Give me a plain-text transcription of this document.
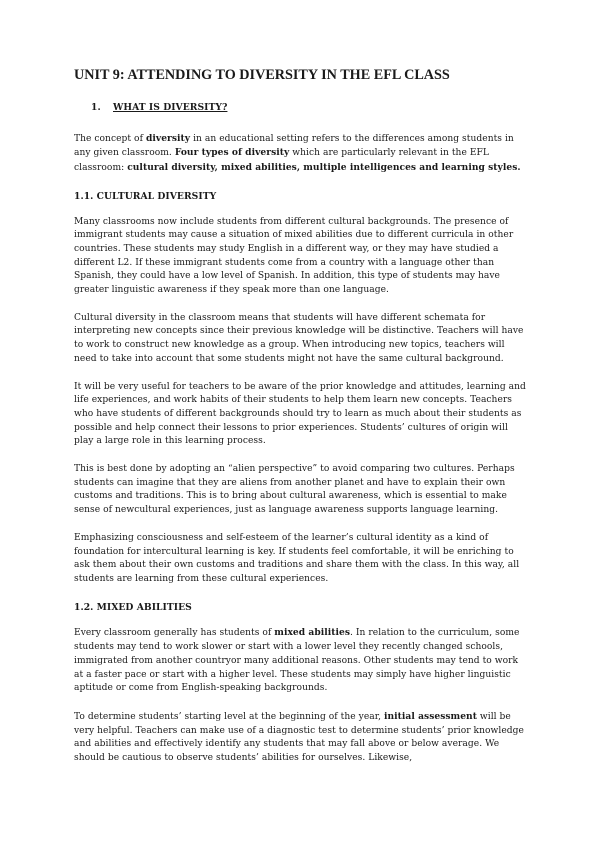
UNIT 9: ATTENDING TO DIVERSITY IN THE EFL CLASS
1. WHAT IS DIVERSITY?

The concept of diversity in an educational setting refers to the differences among students in any given classroom. Four types of diversity which are particularly relevant in the EFL classroom: cultural diversity, mixed abilities, multiple intelligences and learning styles.

1.1. CULTURAL DIVERSITY

Many classrooms now include students from different cultural backgrounds. The presence of immigrant students may cause a situation of mixed abilities due to different curricula in other countries. These students may study English in a different way, or they may have studied a different L2. If these immigrant students come from a country with a language other than Spanish, they could have a low level of Spanish. In addition, this type of students may have greater linguistic awareness if they speak more than one language.

Cultural diversity in the classroom means that students will have different schemata for interpreting new concepts since their previous knowledge will be distinctive. Teachers will have to work to construct new knowledge as a group. When introducing new topics, teachers will need to take into account that some students might not have the same cultural background.

It will be very useful for teachers to be aware of the prior knowledge and attitudes, learning and life experiences, and work habits of their students to help them learn new concepts. Teachers who have students of different backgrounds should try to learn as much about their students as possible and help connect their lessons to prior experiences. Students’ cultures of origin will play a large role in this learning process.

This is best done by adopting an “alien perspective” to avoid comparing two cultures. Perhaps students can imagine that they are aliens from another planet and have to explain their own customs and traditions. This is to bring about cultural awareness, which is essential to make sense of newcultural experiences, just as language awareness supports language learning.

Emphasizing consciousness and self-esteem of the learner’s cultural identity as a kind of foundation for intercultural learning is key. If students feel comfortable, it will be enriching to ask them about their own customs and traditions and share them with the class. In this way, all students are learning from these cultural experiences.

1.2. MIXED ABILITIES

Every classroom generally has students of mixed abilities. In relation to the curriculum, some students may tend to work slower or start with a lower level they recently changed schools, immigrated from another countryor many additional reasons. Other students may tend to work at a faster pace or start with a higher level. These students may simply have higher linguistic aptitude or come from English-speaking backgrounds.

To determine students’ starting level at the beginning of the year, initial assessment will be very helpful. Teachers can make use of a diagnostic test to determine students’ prior knowledge and abilities and effectively identify any students that may fall above or below average. We should be cautious to observe students’ abilities for ourselves. Likewise,
